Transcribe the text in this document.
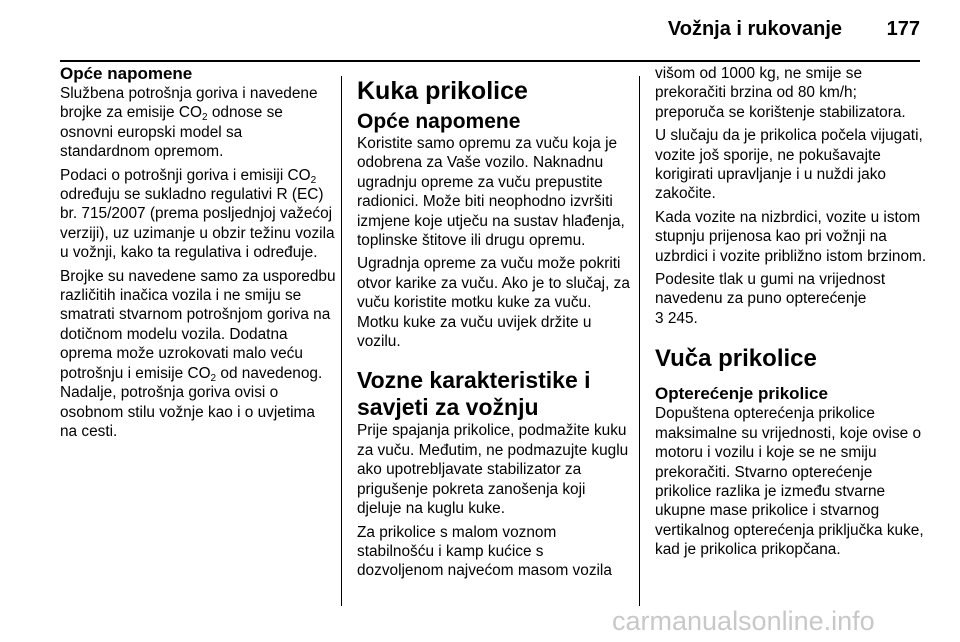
Vožnja i rukovanje 177
Opće napomene

Službena potrošnja goriva i navedene brojke za emisije $CO_2$ odnose se osnovni europski model sa standardnom opremom.

Podaci o potrošnji goriva i emisiji $CO_2$ određuju se sukladno regulativi R (EC) br. 715/2007 (prema posljednjoj važećoj verziji), uz uzimanje u obzir težinu vozila u vožnji, kako ta regulativa i određuje.

Brojke su navedene samo za usporedbu različitih inačica vozila i ne smiju se smatrati stvarnom potrošnjom goriva na dotičnom modelu vozila. Dodatna oprema može uzrokovati malo veću potrošnju i emisije $CO_2$ od navedenog. Nadalje, potrošnja goriva ovisi o osobnom stilu vožnje kao i o uvjetima na cesti.

Kuka prikolice
Opće napomene

Koristite samo opremu za vuču koja je odobrena za Vaše vozilo. Naknadnu ugradnju opreme za vuču prepustite radionici. Može biti neophodno izvršiti izmjene koje utječu na sustav hlađenja, toplinske štitove ili drugu opremu.

Ugradnja opreme za vuču može pokriti otvor karike za vuču. Ako je to slučaj, za vuču koristite motku kuke za vuču. Motku kuke za vuču uvijek držite u vozilu.

Vozne karakteristike i savjeti za vožnju

Prije spajanja prikolice, podmažite kuku za vuču. Međutim, ne podmazujte kuglu ako upotrebljavate stabilizator za prigušenje pokreta zanošenja koji djeluje na kuglu kuke.

Za prikolice s malom voznom stabilnošću i kamp kućice s dozvoljenom najvećom masom vozila

višom od 1000 kg, ne smije se prekoračiti brzina od 80 km/h; preporuča se korištenje stabilizatora.

U slučaju da je prikolica počela vijugati, vozite još sporije, ne pokušavajte korigirati upravljanje i u nuždi jako zakočite.

Kada vozite na nizbrdici, vozite u istom stupnju prijenosa kao pri vožnji na uzbrdici i vozite približno istom brzinom.

Podesite tlak u gumi na vrijednost navedenu za puno opterećenje
3 245.

Vuča prikolice
Opterećenje prikolice

Dopuštena opterećenja prikolice maksimalne su vrijednosti, koje ovise o motoru i vozilu i koje se ne smiju prekoračiti. Stvarno opterećenje prikolice razlika je između stvarne ukupne mase prikolice i stvarnog vertikalnog opterećenja priključka kuke, kad je prikolica prikopčana.

carmanualsonline.info
